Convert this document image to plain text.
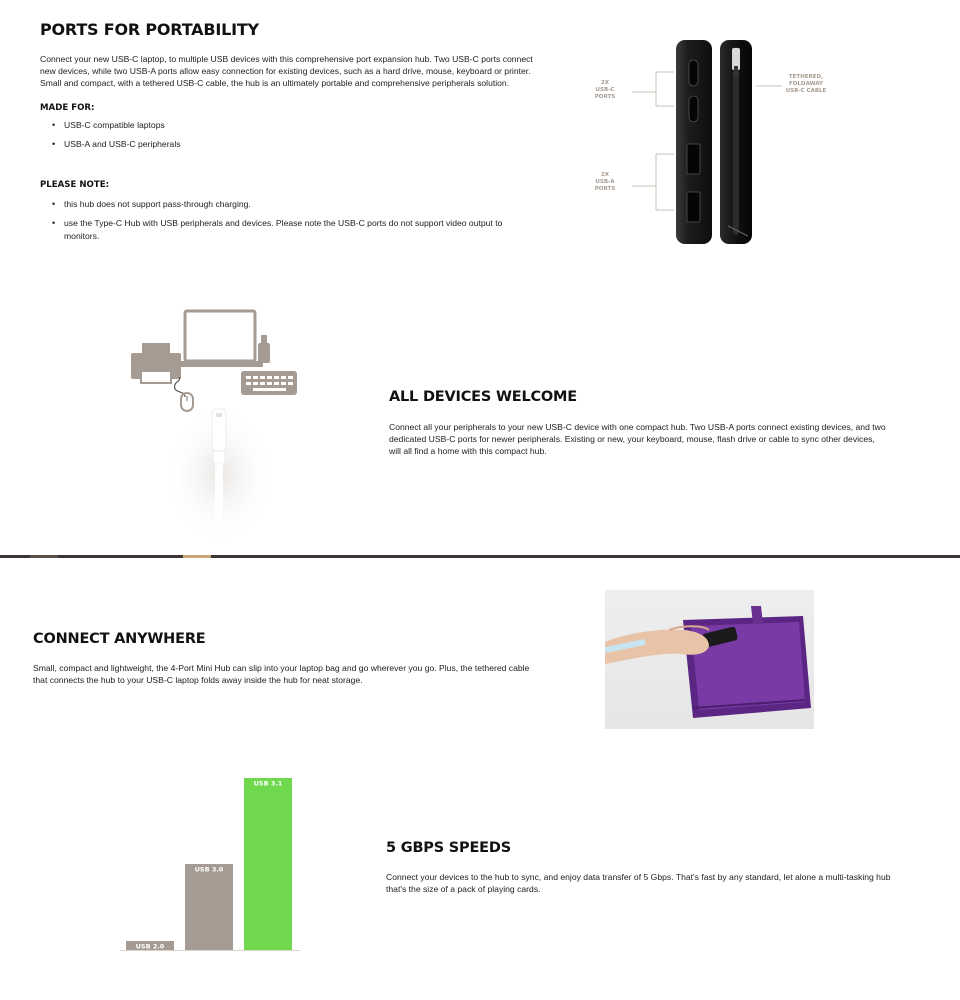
PORTS FOR PORTABILITY

Connect your new USB-C laptop, to multiple USB devices with this comprehensive port expansion hub. Two USB-C ports connect new devices, while two USB-A ports allow easy connection for existing devices, such as a hard drive, mouse, keyboard or printer. Small and compact, with a tethered USB-C cable, the hub is an ultimately portable and comprehensive peripherals solution.

MADE FOR:
• USB-C compatible laptops
• USB-A and USB-C peripherals
PLEASE NOTE:
• this hub does not support pass-through charging.
• use the Type-C Hub with USB peripherals and devices. Please note the USB-C ports do not support video output to monitors.
2X
USB-C
PORTS
2X
USB-A
PORTS
TETHERED,
FOLDAWAY
USB-C CABLE
ALL DEVICES WELCOME

Connect all your peripherals to your new USB-C device with one compact hub. Two USB-A ports connect existing devices, and two dedicated USB-C ports for newer peripherals. Existing or new, your keyboard, mouse, flash drive or cable to sync other devices, will all find a home with this compact hub.

CONNECT ANYWHERE

Small, compact and lightweight, the 4-Port Mini Hub can slip into your laptop bag and go wherever you go. Plus, the tethered cable that connects the hub to your USB-C laptop folds away inside the hub for neat storage.

USB 2.0
USB 3.0
USB 3.1
5 GBPS SPEEDS

Connect your devices to the hub to sync, and enjoy data transfer of 5 Gbps. That's fast by any standard, let alone a multi-tasking hub that's the size of a pack of playing cards.
